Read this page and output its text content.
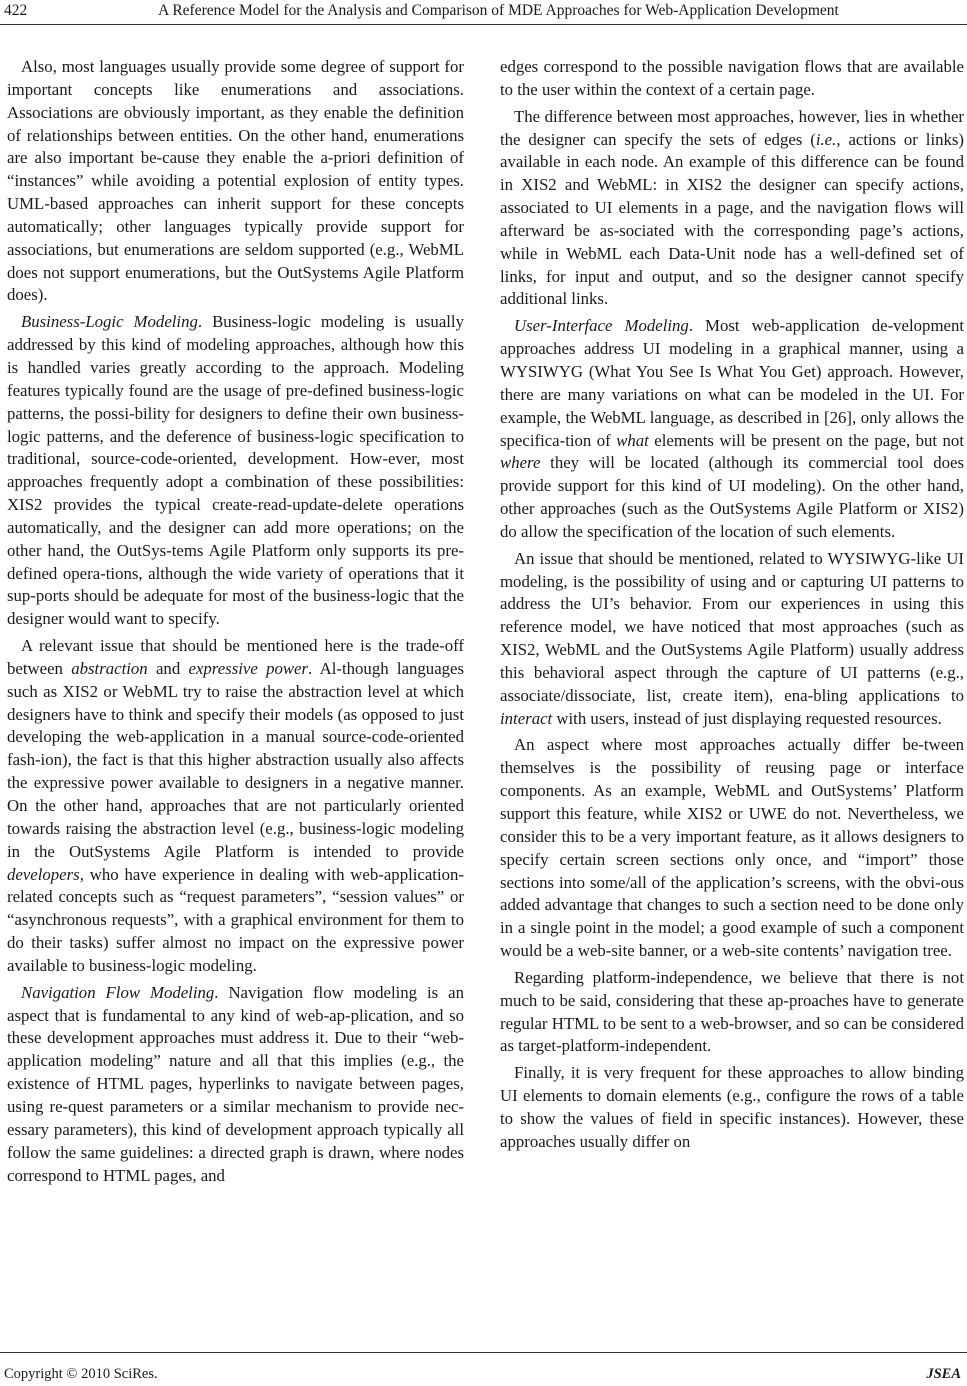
422	A Reference Model for the Analysis and Comparison of MDE Approaches for Web-Application Development

Also, most languages usually provide some degree of support for important concepts like enumerations and associations. Associations are obviously important, as they enable the definition of relationships between entities. On the other hand, enumerations are also important be-cause they enable the a-priori definition of “instances” while avoiding a potential explosion of entity types. UML-based approaches can inherit support for these concepts automatically; other languages typically provide support for associations, but enumerations are seldom supported (e.g., WebML does not support enumerations, but the OutSystems Agile Platform does).

Business-Logic Modeling. Business-logic modeling is usually addressed by this kind of modeling approaches, although how this is handled varies greatly according to the approach. Modeling features typically found are the usage of pre-defined business-logic patterns, the possi-bility for designers to define their own business-logic patterns, and the deference of business-logic specification to traditional, source-code-oriented, development. How-ever, most approaches frequently adopt a combination of these possibilities: XIS2 provides the typical create-read-update-delete operations automatically, and the designer can add more operations; on the other hand, the OutSys-tems Agile Platform only supports its pre-defined opera-tions, although the wide variety of operations that it sup-ports should be adequate for most of the business-logic that the designer would want to specify.

A relevant issue that should be mentioned here is the trade-off between abstraction and expressive power. Al-though languages such as XIS2 or WebML try to raise the abstraction level at which designers have to think and specify their models (as opposed to just developing the web-application in a manual source-code-oriented fash-ion), the fact is that this higher abstraction usually also affects the expressive power available to designers in a negative manner. On the other hand, approaches that are not particularly oriented towards raising the abstraction level (e.g., business-logic modeling in the OutSystems Agile Platform is intended to provide developers, who have experience in dealing with web-application-related concepts such as “request parameters”, “session values” or “asynchronous requests”, with a graphical environment for them to do their tasks) suffer almost no impact on the expressive power available to business-logic modeling.

Navigation Flow Modeling. Navigation flow modeling is an aspect that is fundamental to any kind of web-ap-plication, and so these development approaches must address it. Due to their “web-application modeling” nature and all that this implies (e.g., the existence of HTML pages, hyperlinks to navigate between pages, using re-quest parameters or a similar mechanism to provide nec-essary parameters), this kind of development approach typically all follow the same guidelines: a directed graph is drawn, where nodes correspond to HTML pages, and

edges correspond to the possible navigation flows that are available to the user within the context of a certain page.

The difference between most approaches, however, lies in whether the designer can specify the sets of edges (i.e., actions or links) available in each node. An example of this difference can be found in XIS2 and WebML: in XIS2 the designer can specify actions, associated to UI elements in a page, and the navigation flows will afterward be as-sociated with the corresponding page’s actions, while in WebML each Data-Unit node has a well-defined set of links, for input and output, and so the designer cannot specify additional links.

User-Interface Modeling. Most web-application de-velopment approaches address UI modeling in a graphical manner, using a WYSIWYG (What You See Is What You Get) approach. However, there are many variations on what can be modeled in the UI. For example, the WebML language, as described in [26], only allows the specifica-tion of what elements will be present on the page, but not where they will be located (although its commercial tool does provide support for this kind of UI modeling). On the other hand, other approaches (such as the OutSystems Agile Platform or XIS2) do allow the specification of the location of such elements.

An issue that should be mentioned, related to WYSIWYG-like UI modeling, is the possibility of using and or capturing UI patterns to address the UI’s behavior. From our experiences in using this reference model, we have noticed that most approaches (such as XIS2, WebML and the OutSystems Agile Platform) usually address this behavioral aspect through the capture of UI patterns (e.g., associate/dissociate, list, create item), ena-bling applications to interact with users, instead of just displaying requested resources.

An aspect where most approaches actually differ be-tween themselves is the possibility of reusing page or interface components. As an example, WebML and OutSystems’ Platform support this feature, while XIS2 or UWE do not. Nevertheless, we consider this to be a very important feature, as it allows designers to specify certain screen sections only once, and “import” those sections into some/all of the application’s screens, with the obvi-ous added advantage that changes to such a section need to be done only in a single point in the model; a good example of such a component would be a web-site banner, or a web-site contents’ navigation tree.

Regarding platform-independence, we believe that there is not much to be said, considering that these ap-proaches have to generate regular HTML to be sent to a web-browser, and so can be considered as target-platform-independent.

Finally, it is very frequent for these approaches to allow binding UI elements to domain elements (e.g., configure the rows of a table to show the values of field in specific instances). However, these approaches usually differ on

Copyright © 2010 SciRes.	JSEA
